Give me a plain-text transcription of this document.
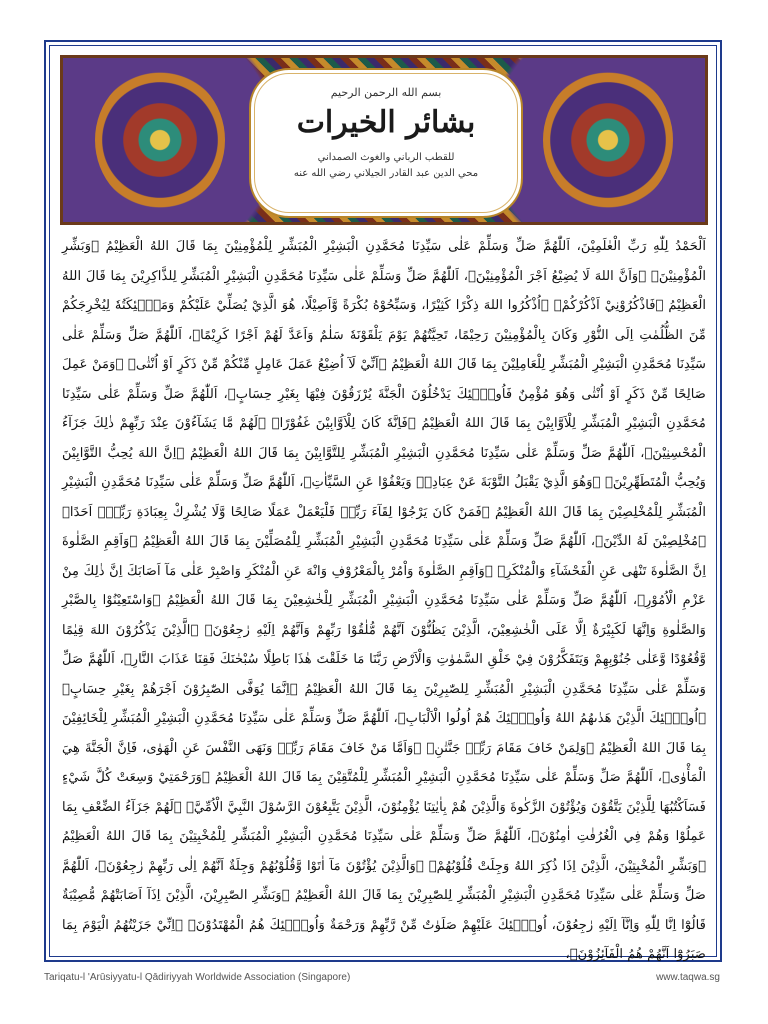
بسم الله الرحمن الرحيم
بشائر الخيرات
للقطب الرباني والغوث الصمداني
محي الدين عبد القادر الجيلاني رضي الله عنه
اَلْحَمْدُ لِلّٰهِ رَبِّ الْعٰلَمِيْنَ، اَللّٰهُمَّ صَلِّ وَسَلِّمْ عَلٰى سَيِّدِنَا مُحَمَّدِنِ الْبَشِيْرِ الْمُبَشِّرِ لِلْمُؤْمِنِيْنَ بِمَا قَالَ اللهُ الْعَظِيْمُ ﴿وَبَشِّرِ الْمُؤْمِنِيْنَ﴾ ﴿وَاَنَّ اللهَ لَا يُضِيْعُ اَجْرَ الْمُؤْمِنِيْنَ﴾، اَللّٰهُمَّ صَلِّ وَسَلِّمْ عَلٰى سَيِّدِنَا مُحَمَّدِنِ الْبَشِيْرِ الْمُبَشِّرِ لِلذَّاكِرِيْنَ بِمَا قَالَ اللهُ الْعَظِيْمُ ﴿فَاذْكُرُوْنِيْ اَذْكُرْكُمْ﴾ ﴿اُذْكُرُوا اللهَ ذِكْرًا كَثِيْرًا، وَسَبِّحُوْهُ بُكْرَةً وَّاَصِيْلًا، هُوَ الَّذِيْ يُصَلِّيْ عَلَيْكُمْ وَمَلٰۤئِكَتُهٗ لِيُخْرِجَكُمْ مِّنَ الظُّلُمٰتِ اِلَى النُّوْرِ وَكَانَ بِالْمُؤْمِنِيْنَ رَحِيْمًا، تَحِيَّتُهُمْ يَوْمَ يَلْقَوْنَهٗ سَلٰمٌ وَاَعَدَّ لَهُمْ اَجْرًا كَرِيْمًا﴾، اَللّٰهُمَّ صَلِّ وَسَلِّمْ عَلٰى سَيِّدِنَا مُحَمَّدِنِ الْبَشِيْرِ الْمُبَشِّرِ لِلْعَامِلِيْنَ بِمَا قَالَ اللهُ الْعَظِيْمُ ﴿اَنِّيْ لَآ اُضِيْعُ عَمَلَ عَامِلٍ مِّنْكُمْ مِّنْ ذَكَرٍ اَوْ اُنْثٰى﴾ ﴿وَمَنْ عَمِلَ صَالِحًا مِّنْ ذَكَرٍ اَوْ اُنْثٰى وَهُوَ مُؤْمِنٌ فَاُولٰۤئِكَ يَدْخُلُوْنَ الْجَنَّةَ يُرْزَقُوْنَ فِيْهَا بِغَيْرِ حِسَابٍ﴾، اَللّٰهُمَّ صَلِّ وَسَلِّمْ عَلٰى سَيِّدِنَا مُحَمَّدِنِ الْبَشِيْرِ الْمُبَشِّرِ لِلْاَوَّابِيْنَ بِمَا قَالَ اللهُ الْعَظِيْمُ ﴿فَاِنَّهٗ كَانَ لِلْاَوَّابِيْنَ غَفُوْرًا﴾ ﴿لَهُمْ مَّا يَشَآءُوْنَ عِنْدَ رَبِّهِمْ ذٰلِكَ جَزَآءُ الْمُحْسِنِيْنَ﴾، اَللّٰهُمَّ صَلِّ وَسَلِّمْ عَلٰى سَيِّدِنَا مُحَمَّدِنِ الْبَشِيْرِ الْمُبَشِّرِ لِلتَّوَّابِيْنَ بِمَا قَالَ اللهُ الْعَظِيْمُ ﴿اِنَّ اللهَ يُحِبُّ التَّوَّابِيْنَ وَيُحِبُّ الْمُتَطَهِّرِيْنَ﴾ ﴿وَهُوَ الَّذِيْ يَقْبَلُ التَّوْبَةَ عَنْ عِبَادِهٖ وَيَعْفُوْا عَنِ السَّيِّاٰتِ﴾، اَللّٰهُمَّ صَلِّ وَسَلِّمْ عَلٰى سَيِّدِنَا مُحَمَّدِنِ الْبَشِيْرِ الْمُبَشِّرِ لِلْمُخْلِصِيْنَ بِمَا قَالَ اللهُ الْعَظِيْمُ ﴿فَمَنْ كَانَ يَرْجُوْا لِقَآءَ رَبِّهٖ فَلْيَعْمَلْ عَمَلًا صَالِحًا وَّلَا يُشْرِكْ بِعِبَادَةِ رَبِّهٖٓ اَحَدًا﴾ ﴿مُخْلِصِيْنَ لَهُ الدِّيْنَ﴾، اَللّٰهُمَّ صَلِّ وَسَلِّمْ عَلٰى سَيِّدِنَا مُحَمَّدِنِ الْبَشِيْرِ الْمُبَشِّرِ لِلْمُصَلِّيْنَ بِمَا قَالَ اللهُ الْعَظِيْمُ ﴿وَاَقِمِ الصَّلٰوةَ اِنَّ الصَّلٰوةَ تَنْهٰى عَنِ الْفَحْشَآءِ وَالْمُنْكَرِ﴾ ﴿وَاَقِمِ الصَّلٰوةَ وَاْمُرْ بِالْمَعْرُوْفِ وَانْهَ عَنِ الْمُنْكَرِ وَاصْبِرْ عَلٰى مَآ اَصَابَكَ اِنَّ ذٰلِكَ مِنْ عَزْمِ الْاُمُوْرِ﴾، اَللّٰهُمَّ صَلِّ وَسَلِّمْ عَلٰى سَيِّدِنَا مُحَمَّدِنِ الْبَشِيْرِ الْمُبَشِّرِ لِلْخٰشِعِيْنَ بِمَا قَالَ اللهُ الْعَظِيْمُ ﴿وَاسْتَعِيْنُوْا بِالصَّبْرِ وَالصَّلٰوةِ وَاِنَّهَا لَكَبِيْرَةٌ اِلَّا عَلَى الْخٰشِعِيْنَ، الَّذِيْنَ يَظُنُّوْنَ اَنَّهُمْ مُّلٰقُوْا رَبِّهِمْ وَاَنَّهُمْ اِلَيْهِ رٰجِعُوْنَ﴾ ﴿الَّذِيْنَ يَذْكُرُوْنَ اللهَ قِيٰمًا وَّقُعُوْدًا وَّعَلٰى جُنُوْبِهِمْ وَيَتَفَكَّرُوْنَ فِيْ خَلْقِ السَّمٰوٰتِ وَالْاَرْضِ رَبَّنَا مَا خَلَقْتَ هٰذَا بَاطِلًا سُبْحٰنَكَ فَقِنَا عَذَابَ النَّارِ﴾، اَللّٰهُمَّ صَلِّ وَسَلِّمْ عَلٰى سَيِّدِنَا مُحَمَّدِنِ الْبَشِيْرِ الْمُبَشِّرِ لِلصّٰبِرِيْنَ بِمَا قَالَ اللهُ الْعَظِيْمُ ﴿اِنَّمَا يُوَفَّى الصّٰبِرُوْنَ اَجْرَهُمْ بِغَيْرِ حِسَابٍ﴾ ﴿اُولٰۤئِكَ الَّذِيْنَ هَدٰىهُمُ اللهُ وَاُولٰۤئِكَ هُمْ اُولُوا الْاَلْبَابِ﴾، اَللّٰهُمَّ صَلِّ وَسَلِّمْ عَلٰى سَيِّدِنَا مُحَمَّدِنِ الْبَشِيْرِ الْمُبَشِّرِ لِلْخَائِفِيْنَ بِمَا قَالَ اللهُ الْعَظِيْمُ ﴿وَلِمَنْ خَافَ مَقَامَ رَبِّهٖ جَنَّتٰنِ﴾ ﴿وَاَمَّا مَنْ خَافَ مَقَامَ رَبِّهٖ وَنَهَى النَّفْسَ عَنِ الْهَوٰى، فَاِنَّ الْجَنَّةَ هِيَ الْمَأْوٰى﴾، اَللّٰهُمَّ صَلِّ وَسَلِّمْ عَلٰى سَيِّدِنَا مُحَمَّدِنِ الْبَشِيْرِ الْمُبَشِّرِ لِلْمُتَّقِيْنَ بِمَا قَالَ اللهُ الْعَظِيْمُ ﴿وَرَحْمَتِيْ وَسِعَتْ كُلَّ شَيْءٍ فَسَاَكْتُبُهَا لِلَّذِيْنَ يَتَّقُوْنَ وَيُؤْتُوْنَ الزَّكٰوةَ وَالَّذِيْنَ هُمْ بِاٰيٰتِنَا يُؤْمِنُوْنَ، الَّذِيْنَ يَتَّبِعُوْنَ الرَّسُوْلَ النَّبِيَّ الْاُمِّيَّ﴾ ﴿لَهُمْ جَزَآءُ الضِّعْفِ بِمَا عَمِلُوْا وَهُمْ فِي الْغُرُفٰتِ اٰمِنُوْنَ﴾، اَللّٰهُمَّ صَلِّ وَسَلِّمْ عَلٰى سَيِّدِنَا مُحَمَّدِنِ الْبَشِيْرِ الْمُبَشِّرِ لِلْمُخْبِتِيْنَ بِمَا قَالَ اللهُ الْعَظِيْمُ ﴿وَبَشِّرِ الْمُخْبِتِيْنَ، الَّذِيْنَ اِذَا ذُكِرَ اللهُ وَجِلَتْ قُلُوْبُهُمْ﴾ ﴿وَالَّذِيْنَ يُؤْتُوْنَ مَآ اٰتَوْا وَّقُلُوْبُهُمْ وَجِلَةٌ اَنَّهُمْ اِلٰى رَبِّهِمْ رٰجِعُوْنَ﴾، اَللّٰهُمَّ صَلِّ وَسَلِّمْ عَلٰى سَيِّدِنَا مُحَمَّدِنِ الْبَشِيْرِ الْمُبَشِّرِ لِلصّٰبِرِيْنَ بِمَا قَالَ اللهُ الْعَظِيْمُ ﴿وَبَشِّرِ الصّٰبِرِيْنَ، الَّذِيْنَ اِذَآ اَصَابَتْهُمْ مُّصِيْبَةٌ قَالُوْٓا اِنَّا لِلّٰهِ وَاِنَّآ اِلَيْهِ رٰجِعُوْنَ، اُولٰۤئِكَ عَلَيْهِمْ صَلَوٰتٌ مِّنْ رَّبِّهِمْ وَرَحْمَةٌ وَاُولٰۤئِكَ هُمُ الْمُهْتَدُوْنَ﴾ ﴿اِنِّيْ جَزَيْتُهُمُ الْيَوْمَ بِمَا صَبَرُوْٓا اَنَّهُمْ هُمُ الْفَآئِزُوْنَ﴾،
Tariqatu-l 'Arūsiyyatu-l Qādiriyyah Worldwide Association (Singapore)	www.taqwa.sg
